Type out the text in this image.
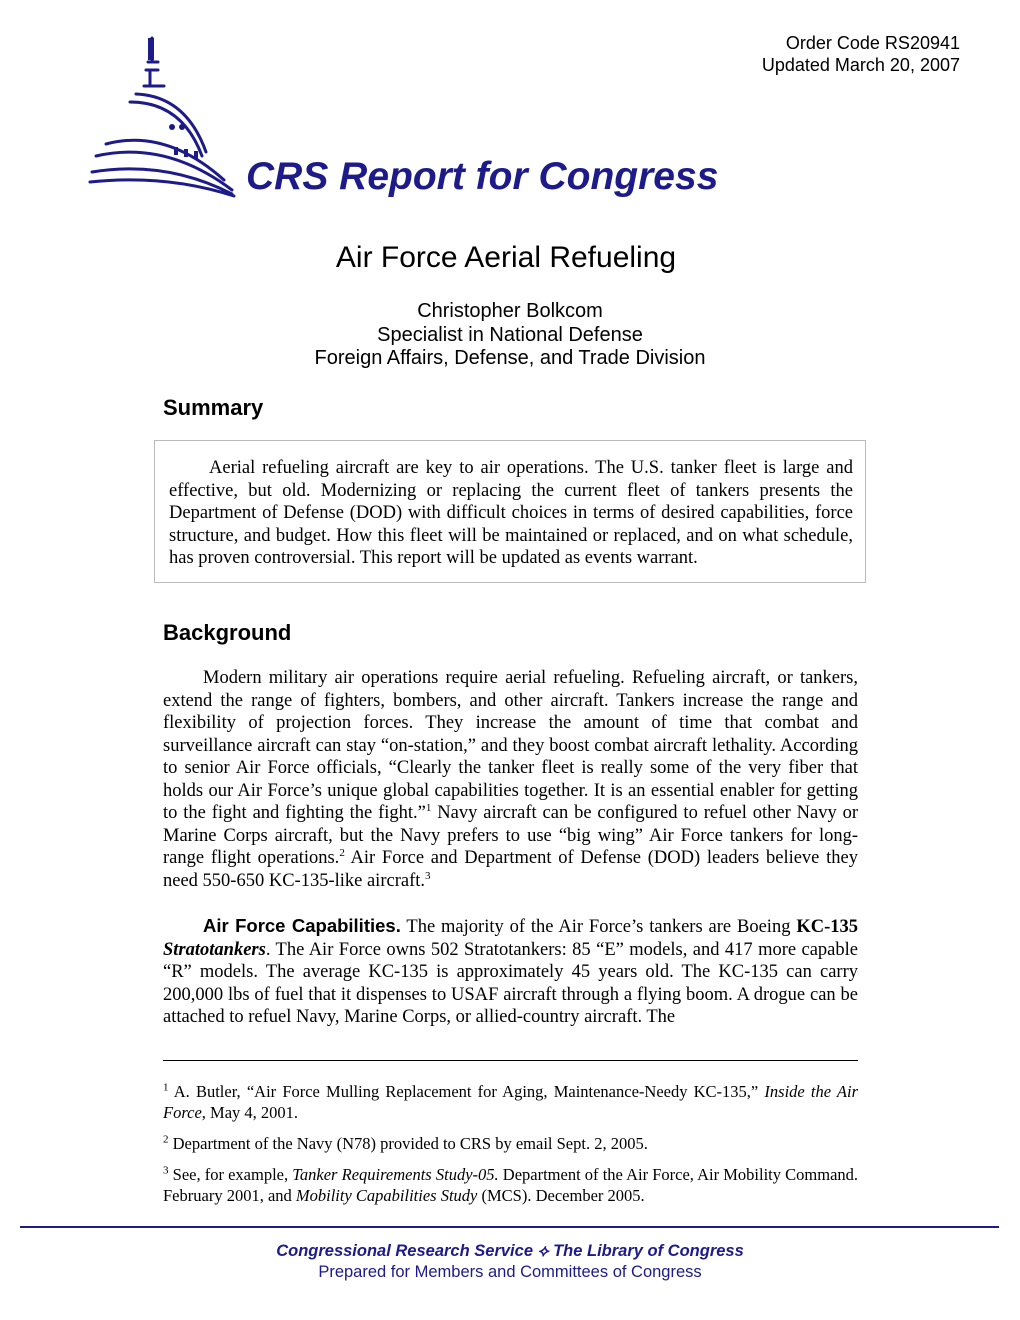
Order Code RS20941
Updated March 20, 2007
CRS Report for Congress
Air Force Aerial Refueling
Christopher Bolkcom
Specialist in National Defense
Foreign Affairs, Defense, and Trade Division
Summary
Aerial refueling aircraft are key to air operations. The U.S. tanker fleet is large and effective, but old. Modernizing or replacing the current fleet of tankers presents the Department of Defense (DOD) with difficult choices in terms of desired capabilities, force structure, and budget. How this fleet will be maintained or replaced, and on what schedule, has proven controversial. This report will be updated as events warrant.
Background
Modern military air operations require aerial refueling. Refueling aircraft, or tankers, extend the range of fighters, bombers, and other aircraft. Tankers increase the range and flexibility of projection forces. They increase the amount of time that combat and surveillance aircraft can stay “on-station,” and they boost combat aircraft lethality. According to senior Air Force officials, “Clearly the tanker fleet is really some of the very fiber that holds our Air Force’s unique global capabilities together. It is an essential enabler for getting to the fight and fighting the fight.”$^1$ Navy aircraft can be configured to refuel other Navy or Marine Corps aircraft, but the Navy prefers to use “big wing” Air Force tankers for long-range flight operations.$^2$ Air Force and Department of Defense (DOD) leaders believe they need 550-650 KC-135-like aircraft.$^3$
Air Force Capabilities. The majority of the Air Force’s tankers are Boeing KC-135 Stratotankers. The Air Force owns 502 Stratotankers: 85 “E” models, and 417 more capable “R” models. The average KC-135 is approximately 45 years old. The KC-135 can carry 200,000 lbs of fuel that it dispenses to USAF aircraft through a flying boom. A drogue can be attached to refuel Navy, Marine Corps, or allied-country aircraft. The
$^1$ A. Butler, “Air Force Mulling Replacement for Aging, Maintenance-Needy KC-135,” Inside the Air Force, May 4, 2001.
$^2$ Department of the Navy (N78) provided to CRS by email Sept. 2, 2005.
$^3$ See, for example, Tanker Requirements Study-05. Department of the Air Force, Air Mobility Command. February 2001, and Mobility Capabilities Study (MCS). December 2005.
Congressional Research Service ⟡ The Library of Congress
Prepared for Members and Committees of Congress
